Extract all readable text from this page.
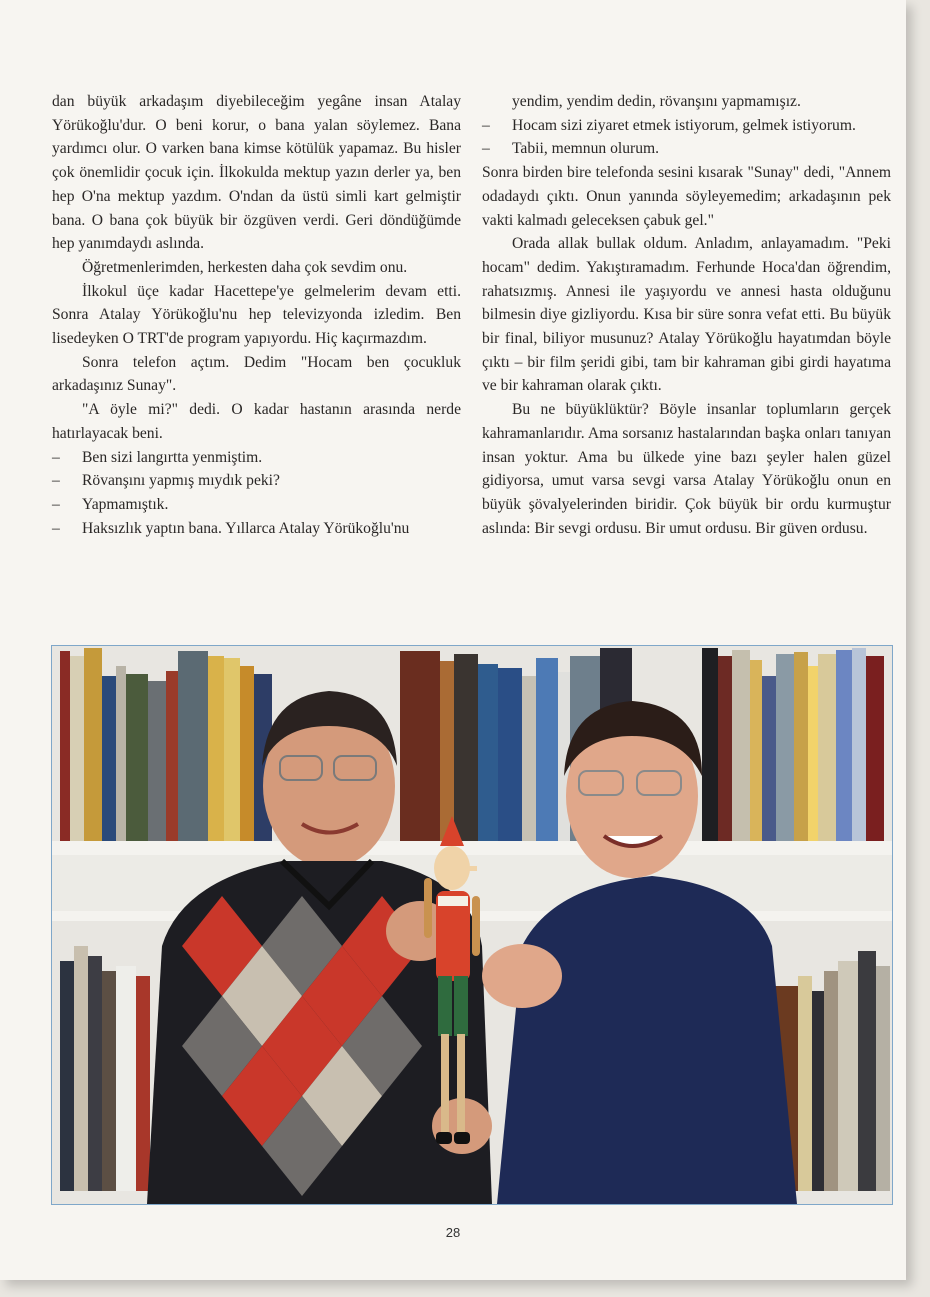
dan büyük arkadaşım diyebileceğim yegâne insan Atalay Yörükoğlu'dur. O beni korur, o bana yalan söylemez. Bana yardımcı olur. O varken bana kimse kötülük yapamaz. Bu hisler çok önemlidir çocuk için. İlkokulda mektup yazın derler ya, ben hep O'na mektup yazdım. O'ndan da üstü simli kart gelmiştir bana. O bana çok büyük bir özgüven verdi. Geri döndüğümde hep yanımdaydı aslında.

Öğretmenlerimden, herkesten daha çok sevdim onu.

İlkokul üçe kadar Hacettepe'ye gelmelerim devam etti. Sonra Atalay Yörükoğlu'nu hep televizyonda izledim. Ben lisedeyken O TRT'de program yapıyordu. Hiç kaçırmazdım.

Sonra telefon açtım. Dedim "Hocam ben çocukluk arkadaşınız Sunay".

"A öyle mi?" dedi. O kadar hastanın arasında nerde hatırlayacak beni.

–	Ben sizi langırtta yenmiştim.
–	Rövanşını yapmış mıydık peki?
–	Yapmamıştık.
–	Haksızlık yaptın bana. Yıllarca Atalay Yörükoğlu'nu

yendim, yendim dedin, rövanşını yapmamışız.

–	Hocam sizi ziyaret etmek istiyorum, gelmek istiyorum.
–	Tabii, memnun olurum.

Sonra birden bire telefonda sesini kısarak "Sunay" dedi, "Annem odadaydı çıktı. Onun yanında söyleyemedim; arkadaşının pek vakti kalmadı geleceksen çabuk gel."

Orada allak bullak oldum. Anladım, anlayamadım. "Peki hocam" dedim. Yakıştıramadım. Ferhunde Hoca'dan öğrendim, rahatsızmış. Annesi ile yaşıyordu ve annesi hasta olduğunu bilmesin diye gizliyordu. Kısa bir süre sonra vefat etti. Bu büyük bir final, biliyor musunuz? Atalay Yörükoğlu hayatımdan böyle çıktı – bir film şeridi gibi, tam bir kahraman gibi girdi hayatıma ve bir kahraman olarak çıktı.

Bu ne büyüklüktür? Böyle insanlar toplumların gerçek kahramanlarıdır. Ama sorsanız hastalarından başka onları tanıyan insan yoktur. Ama bu ülkede yine bazı şeyler halen güzel gidiyorsa, umut varsa sevgi varsa Atalay Yörükoğlu onun en büyük şövalyelerinden biridir. Çok büyük bir ordu kurmuştur aslında: Bir sevgi ordusu. Bir umut ordusu. Bir güven ordusu.

28
